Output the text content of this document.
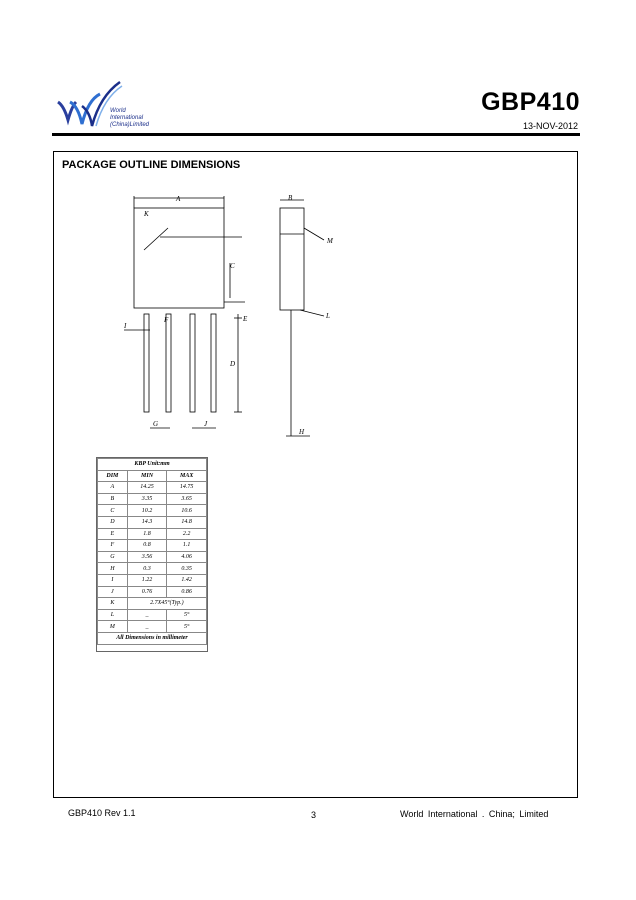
World
International
(China)Limited
GBP410
13-NOV-2012
PACKAGE OUTLINE DIMENSIONS
A
K
C
E
I
F
D
G	J
B
M
L
H
KBP Unit:mm		
DIM	MIN	MAX
A	14.25	14.75
B	3.35	3.65
C	10.2	10.6
D	14.3	14.8
E	1.8	2.2
F	0.8	1.1
G	3.56	4.06
H	0.3	0.35
I	1.22	1.42
J	0.76	0.86
K	2.7X45°(Typ.)	
L	_	5°
M	_	5°
All Dimensions in millimeter		
GBP410 Rev 1.1	3	World International . China; Limited
